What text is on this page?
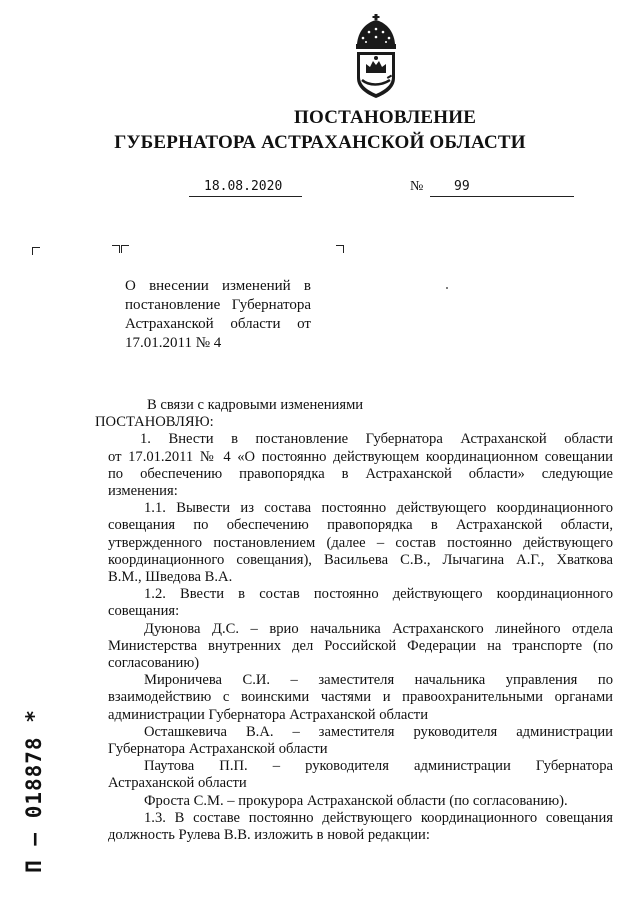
ПОСТАНОВЛЕНИЕ
ГУБЕРНАТОРА АСТРАХАНСКОЙ ОБЛАСТИ
18.08.2020	№	99
О внесении изменений в
постановление Губернатора
Астраханской области от
17.01.2011 № 4
В связи с кадровыми изменениями
ПОСТАНОВЛЯЮ:
1. Внести в постановление Губернатора Астраханской области
от 17.01.2011 № 4 «О постоянно действующем координационном совещании
по обеспечению правопорядка в Астраханской области» следующие
изменения:
1.1. Вывести из состава постоянно действующего координационного
совещания по обеспечению правопорядка в Астраханской области,
утвержденного постановлением (далее – состав постоянно действующего
координационного совещания), Васильева С.В., Лычагина А.Г., Хваткова
В.М., Шведова В.А.
1.2. Ввести в состав постоянно действующего координационного
совещания:
Дуюнова Д.С. – врио начальника Астраханского линейного отдела
Министерства внутренних дел Российской Федерации на транспорте (по
согласованию)
Мироничева С.И. – заместителя начальника управления по
взаимодействию с воинскими частями и правоохранительными органами
администрации Губернатора Астраханской области
Осташкевича В.А. – заместителя руководителя администрации
Губернатора Астраханской области
Паутова П.П. – руководителя администрации Губернатора
Астраханской области
Фроста С.М. – прокурора Астраханской области (по согласованию).
1.3. В составе постоянно действующего координационного совещания
должность Рулева В.В. изложить в новой редакции:
П – 018878 *
